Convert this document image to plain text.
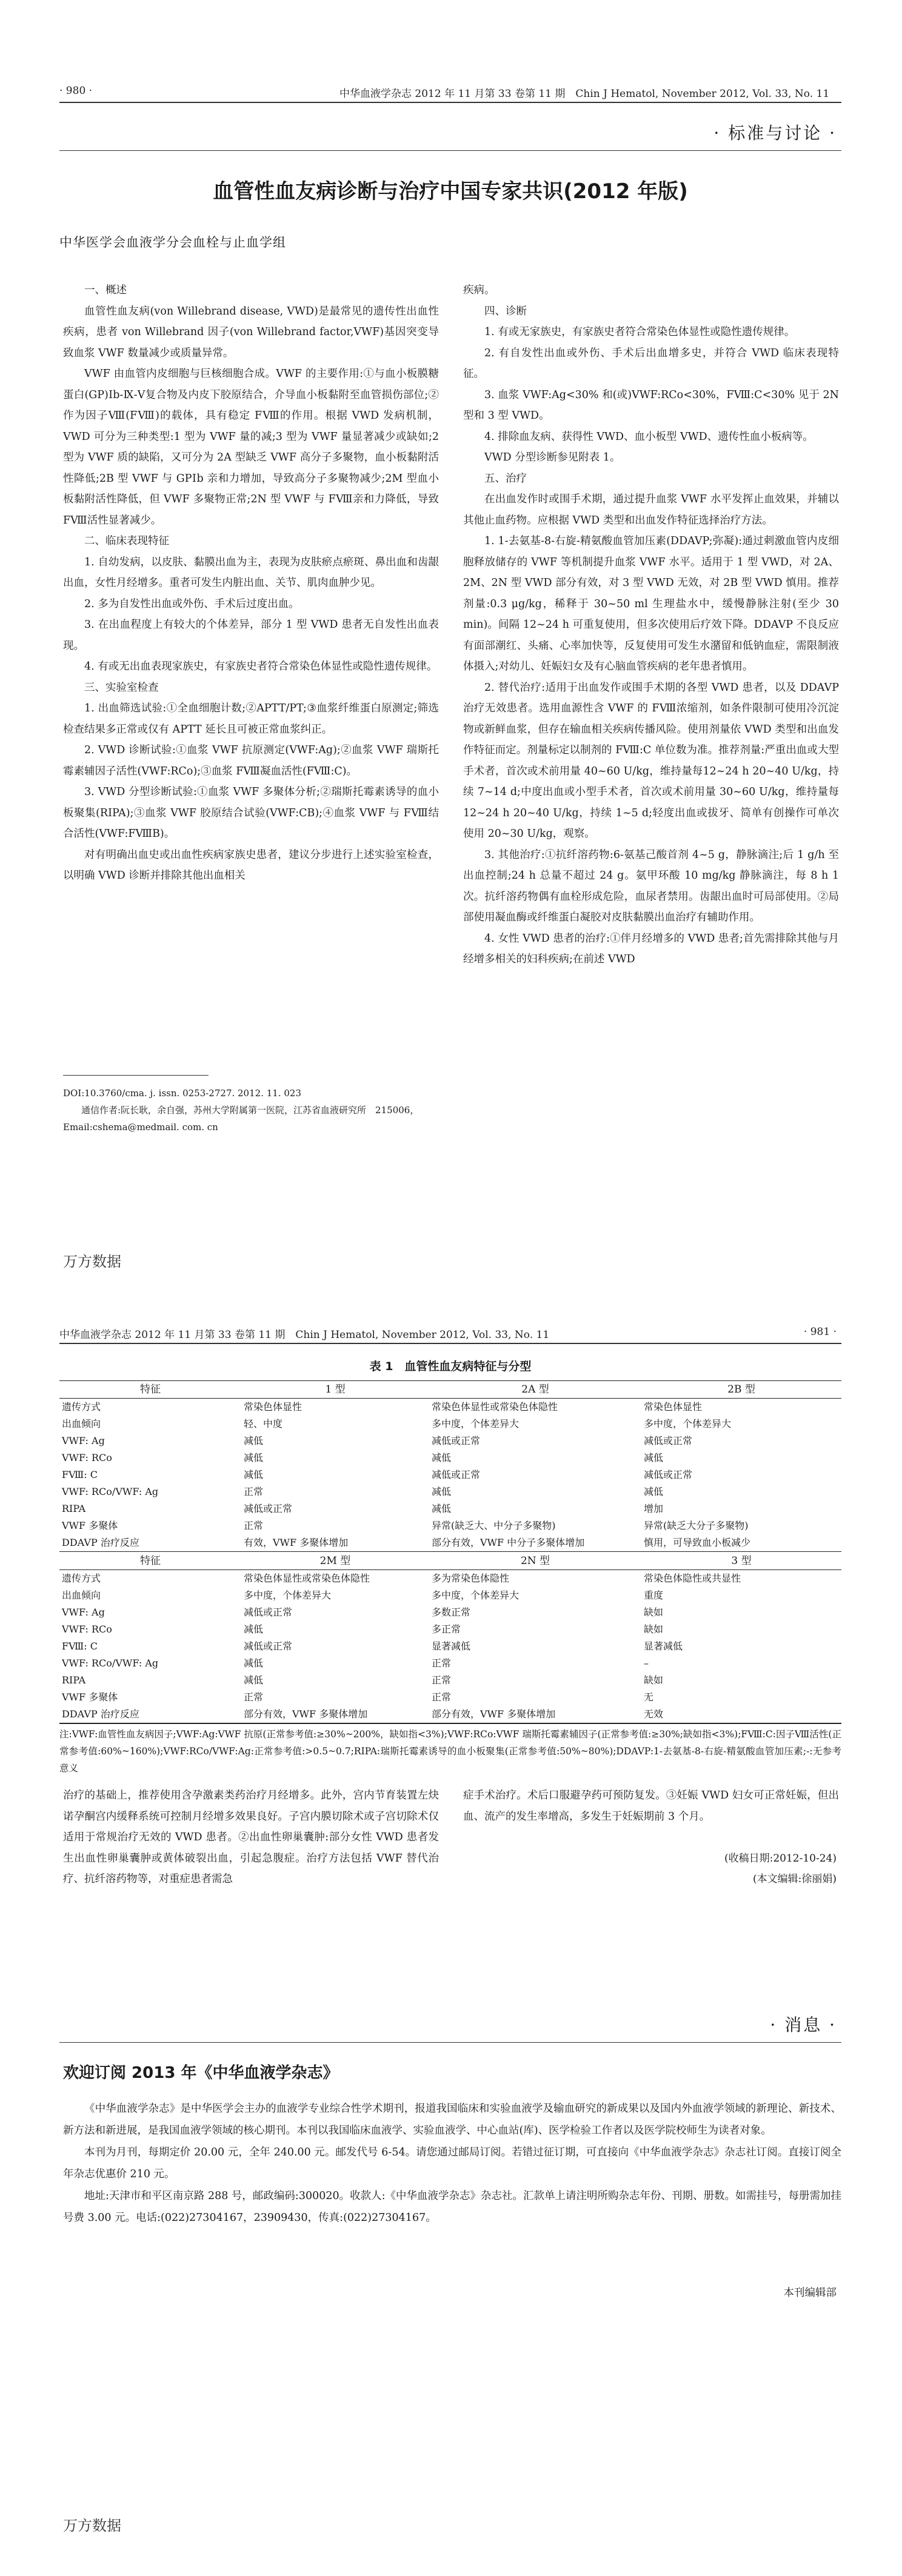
· 980 ·	中华血液学杂志 2012 年 11 月第 33 卷第 11 期　Chin J Hematol, November 2012, Vol. 33, No. 11
· 标准与讨论 ·
血管性血友病诊断与治疗中国专家共识(2012 年版)
中华医学会血液学分会血栓与止血学组

一、概述

血管性血友病(von Willebrand disease, VWD)是最常见的遗传性出血性疾病，患者 von Willebrand 因子(von Willebrand factor,VWF)基因突变导致血浆 VWF 数量减少或质量异常。

VWF 由血管内皮细胞与巨核细胞合成。VWF 的主要作用:①与血小板膜糖蛋白(GP)Ⅰb-Ⅸ-Ⅴ复合物及内皮下胶原结合，介导血小板黏附至血管损伤部位;②作为因子Ⅷ(FⅧ)的载体，具有稳定 FⅧ的作用。根据 VWD 发病机制，VWD 可分为三种类型:1 型为 VWF 量的减;3 型为 VWF 量显著减少或缺如;2 型为 VWF 质的缺陷，又可分为 2A 型缺乏 VWF 高分子多聚物，血小板黏附活性降低;2B 型 VWF 与 GPⅠb 亲和力增加，导致高分子多聚物减少;2M 型血小板黏附活性降低，但 VWF 多聚物正常;2N 型 VWF 与 FⅧ亲和力降低，导致 FⅧ活性显著减少。

二、临床表现特征

1. 自幼发病，以皮肤、黏膜出血为主，表现为皮肤瘀点瘀斑、鼻出血和齿龈出血，女性月经增多。重者可发生内脏出血、关节、肌肉血肿少见。

2. 多为自发性出血或外伤、手术后过度出血。

3. 在出血程度上有较大的个体差异，部分 1 型 VWD 患者无自发性出血表现。

4. 有或无出血表现家族史，有家族史者符合常染色体显性或隐性遗传规律。

三、实验室检查

1. 出血筛选试验:①全血细胞计数;②APTT/PT;③血浆纤维蛋白原测定;筛选检查结果多正常或仅有 APTT 延长且可被正常血浆纠正。

2. VWD 诊断试验:①血浆 VWF 抗原测定(VWF:Ag);②血浆 VWF 瑞斯托霉素辅因子活性(VWF:RCo);③血浆 FⅧ凝血活性(FⅧ:C)。

3. VWD 分型诊断试验:①血浆 VWF 多聚体分析;②瑞斯托霉素诱导的血小板聚集(RIPA);③血浆 VWF 胶原结合试验(VWF:CB);④血浆 VWF 与 FⅧ结合活性(VWF:FⅧB)。

对有明确出血史或出血性疾病家族史患者，建议分步进行上述实验室检查，以明确 VWD 诊断并排除其他出血相关

DOI:10.3760/cma. j. issn. 0253-2727. 2012. 11. 023
通信作者:阮长耿，余自强，苏州大学附属第一医院，江苏省血液研究所　215006，Email:cshema@medmail. com. cn

疾病。

四、诊断

1. 有或无家族史，有家族史者符合常染色体显性或隐性遗传规律。

2. 有自发性出血或外伤、手术后出血增多史，并符合 VWD 临床表现特征。

3. 血浆 VWF:Ag<30% 和(或)VWF:RCo<30%，FⅧ:C<30% 见于 2N 型和 3 型 VWD。

4. 排除血友病、获得性 VWD、血小板型 VWD、遗传性血小板病等。

VWD 分型诊断参见附表 1。

五、治疗

在出血发作时或围手术期，通过提升血浆 VWF 水平发挥止血效果，并辅以其他止血药物。应根据 VWD 类型和出血发作特征选择治疗方法。

1. 1-去氨基-8-右旋-精氨酸血管加压素(DDAVP;弥凝):通过刺激血管内皮细胞释放储存的 VWF 等机制提升血浆 VWF 水平。适用于 1 型 VWD，对 2A、2M、2N 型 VWD 部分有效，对 3 型 VWD 无效，对 2B 型 VWD 慎用。推荐剂量:0.3 μg/kg，稀释于 30~50 ml 生理盐水中，缓慢静脉注射(至少 30 min)。间隔 12~24 h 可重复使用，但多次使用后疗效下降。DDAVP 不良反应有面部潮红、头痛、心率加快等，反复使用可发生水潴留和低钠血症，需限制液体摄入;对幼儿、妊娠妇女及有心脑血管疾病的老年患者慎用。

2. 替代治疗:适用于出血发作或围手术期的各型 VWD 患者，以及 DDAVP 治疗无效患者。选用血源性含 VWF 的 FⅧ浓缩剂，如条件限制可使用冷沉淀物或新鲜血浆，但存在输血相关疾病传播风险。使用剂量依 VWD 类型和出血发作特征而定。剂量标定以制剂的 FⅧ:C 单位数为准。推荐剂量:严重出血或大型手术者，首次或术前用量 40~60 U/kg，维持量每12~24 h 20~40 U/kg，持续 7~14 d;中度出血或小型手术者，首次或术前用量 30~60 U/kg，维持量每12~24 h 20~40 U/kg，持续 1~5 d;轻度出血或拔牙、简单有创操作可单次使用 20~30 U/kg，观察。

3. 其他治疗:①抗纤溶药物:6-氨基己酸首剂 4~5 g，静脉滴注;后 1 g/h 至出血控制;24 h 总量不超过 24 g。氨甲环酸 10 mg/kg 静脉滴注，每 8 h 1 次。抗纤溶药物偶有血栓形成危险，血尿者禁用。齿龈出血时可局部使用。②局部使用凝血酶或纤维蛋白凝胶对皮肤黏膜出血治疗有辅助作用。

4. 女性 VWD 患者的治疗:①伴月经增多的 VWD 患者;首先需排除其他与月经增多相关的妇科疾病;在前述 VWD

万方数据
中华血液学杂志 2012 年 11 月第 33 卷第 11 期　Chin J Hematol, November 2012, Vol. 33, No. 11	· 981 ·
表 1　血管性血友病特征与分型
特征	1 型	2A 型	2B 型
遗传方式	常染色体显性	常染色体显性或常染色体隐性	常染色体显性
出血倾向	轻、中度	多中度，个体差异大	多中度，个体差异大
VWF: Ag	减低	减低或正常	减低或正常
VWF: RCo	减低	减低	减低
FⅧ: C	减低	减低或正常	减低或正常
VWF: RCo/VWF: Ag	正常	减低	减低
RIPA	减低或正常	减低	增加
VWF 多聚体	正常	异常(缺乏大、中分子多聚物)	异常(缺乏大分子多聚物)
DDAVP 治疗反应	有效，VWF 多聚体增加	部分有效，VWF 中分子多聚体增加	慎用，可导致血小板减少
特征	2M 型	2N 型	3 型
遗传方式	常染色体显性或常染色体隐性	多为常染色体隐性	常染色体隐性或共显性
出血倾向	多中度，个体差异大	多中度，个体差异大	重度
VWF: Ag	减低或正常	多数正常	缺如
VWF: RCo	减低	多正常	缺如
FⅧ: C	减低或正常	显著减低	显著减低
VWF: RCo/VWF: Ag	减低	正常	–
RIPA	减低	正常	缺如
VWF 多聚体	正常	正常	无
DDAVP 治疗反应	部分有效，VWF 多聚体增加	部分有效，VWF 多聚体增加	无效
注:VWF:血管性血友病因子;VWF:Ag:VWF 抗原(正常参考值:≥30%~200%，缺如指<3%);VWF:RCo:VWF 瑞斯托霉素辅因子(正常参考值:≥30%;缺如指<3%);FⅧ:C:因子Ⅷ活性(正常参考值:60%~160%);VWF:RCo/VWF:Ag:正常参考值:>0.5~0.7;RIPA:瑞斯托霉素诱导的血小板聚集(正常参考值:50%~80%);DDAVP:1-去氨基-8-右旋-精氨酸血管加压素;-:无参考意义

治疗的基础上，推荐使用含孕激素类药治疗月经增多。此外，宫内节育装置左炔诺孕酮宫内缓释系统可控制月经增多效果良好。子宫内膜切除术或子宫切除术仅适用于常规治疗无效的 VWD 患者。②出血性卵巢囊肿:部分女性 VWD 患者发生出血性卵巢囊肿或黄体破裂出血，引起急腹症。治疗方法包括 VWF 替代治疗、抗纤溶药物等，对重症患者需急

症手术治疗。术后口服避孕药可预防复发。③妊娠 VWD 妇女可正常妊娠，但出血、流产的发生率增高，多发生于妊娠期前 3 个月。

(收稿日期:2012-10-24)
(本文编辑:徐丽娟)
· 消息 ·
欢迎订阅 2013 年《中华血液学杂志》

《中华血液学杂志》是中华医学会主办的血液学专业综合性学术期刊，报道我国临床和实验血液学及输血研究的新成果以及国内外血液学领域的新理论、新技术、新方法和新进展，是我国血液学领域的核心期刊。本刊以我国临床血液学、实验血液学、中心血站(库)、医学检验工作者以及医学院校师生为读者对象。

本刊为月刊，每期定价 20.00 元，全年 240.00 元。邮发代号 6-54。请您通过邮局订阅。若错过征订期，可直接向《中华血液学杂志》杂志社订阅。直接订阅全年杂志优惠价 210 元。

地址:天津市和平区南京路 288 号，邮政编码:300020。收款人:《中华血液学杂志》杂志社。汇款单上请注明所购杂志年份、刊期、册数。如需挂号，每册需加挂号费 3.00 元。电话:(022)27304167，23909430，传真:(022)27304167。

本刊编辑部
万方数据
